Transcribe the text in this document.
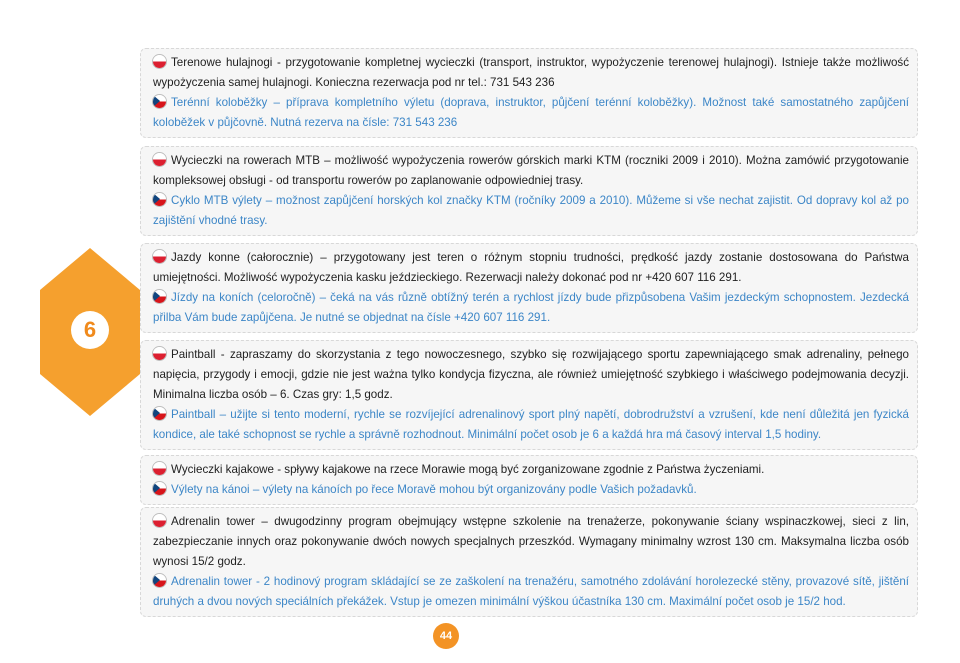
6

Terenowe hulajnogi - przygotowanie kompletnej wycieczki (transport, instruktor, wypożyczenie terenowej hulajnogi). Istnieje także możliwość wypożyczenia samej hulajnogi. Konieczna rezerwacja pod nr tel.: 731 543 236

Terénní koloběžky – příprava kompletního výletu (doprava, instruktor, půjčení terénní koloběžky). Možnost také samostatného zapůjčení koloběžek v půjčovně. Nutná rezerva na čísle: 731 543 236

Wycieczki na rowerach MTB – możliwość wypożyczenia rowerów górskich marki KTM (roczniki 2009 i 2010). Można zamówić przygotowanie kompleksowej obsługi - od transportu rowerów po zaplanowanie odpowiedniej trasy.

Cyklo MTB výlety – možnost zapůjčení horských kol značky KTM (ročníky 2009 a 2010). Můžeme si vše nechat zajistit. Od dopravy kol až po zajištění vhodné trasy.

Jazdy konne (całorocznie) – przygotowany jest teren o różnym stopniu trudności, prędkość jazdy zostanie dostosowana do Państwa umiejętności. Możliwość wypożyczenia kasku jeździeckiego. Rezerwacji należy dokonać pod nr +420 607 116 291.

Jízdy na koních (celoročně) – čeká na vás různě obtížný terén a rychlost jízdy bude přizpůsobena Vašim jezdeckým schopnostem. Jezdecká přilba Vám bude zapůjčena. Je nutné se objednat na čísle +420 607 116 291.

Paintball - zapraszamy do skorzystania z tego nowoczesnego, szybko się rozwijającego sportu zapewniającego smak adrenaliny, pełnego napięcia, przygody i emocji, gdzie nie jest ważna tylko kondycja fizyczna, ale również umiejętność szybkiego i właściwego podejmowania decyzji. Minimalna liczba osób – 6. Czas gry: 1,5 godz.

Paintball – užijte si tento moderní, rychle se rozvíjející adrenalinový sport plný napětí, dobrodružství a vzrušení, kde není důležitá jen fyzická kondice, ale také schopnost se rychle a správně rozhodnout. Minimální počet osob je 6 a každá hra má časový interval 1,5 hodiny.

Wycieczki kajakowe - spływy kajakowe na rzece Morawie mogą być zorganizowane zgodnie z Państwa życzeniami.

Výlety na kánoi – výlety na kánoích po řece Moravě mohou být organizovány podle Vašich požadavků.

Adrenalin tower – dwugodzinny program obejmujący wstępne szkolenie na trenażerze, pokonywanie ściany wspinaczkowej, sieci z lin, zabezpieczanie innych oraz pokonywanie dwóch nowych specjalnych przeszkód. Wymagany minimalny wzrost 130 cm. Maksymalna liczba osób wynosi 15/2 godz.

Adrenalin tower - 2 hodinový program skládající se ze zaškolení na trenažéru, samotného zdolávání horolezecké stěny, provazové sítě, jištění druhých a dvou nových speciálních překážek. Vstup je omezen minimální výškou účastníka 130 cm. Maximální počet osob je 15/2 hod.

44
